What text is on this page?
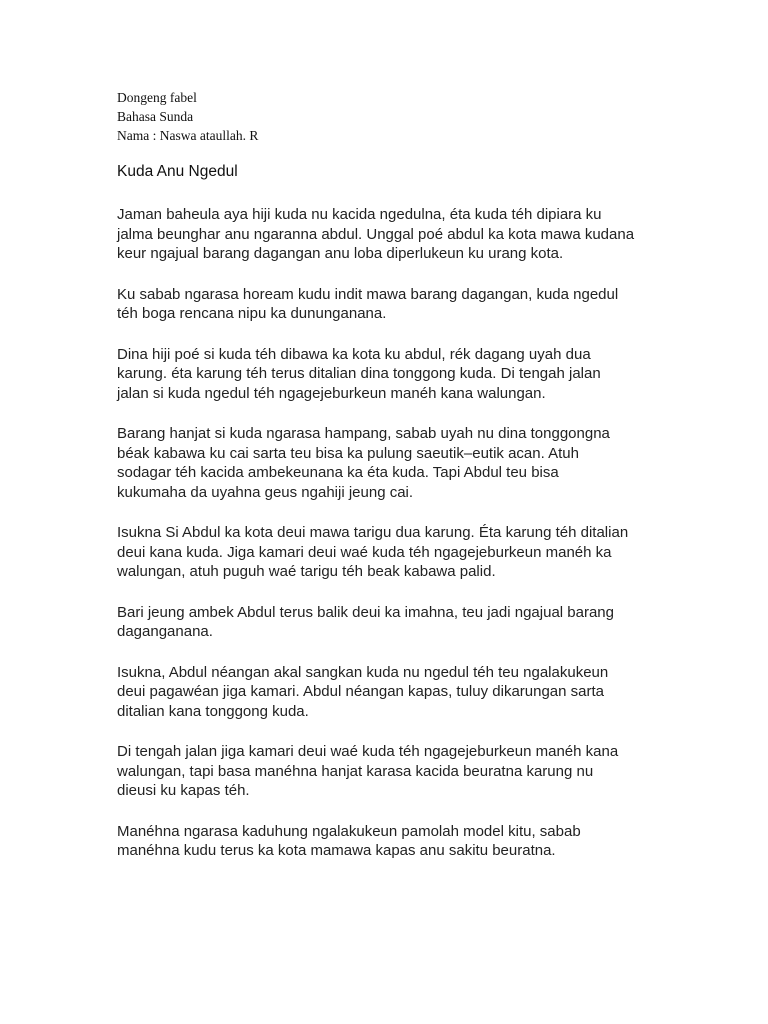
Dongeng fabel
Bahasa Sunda
Nama : Naswa ataullah. R
Kuda Anu Ngedul

Jaman baheula aya hiji kuda nu kacida ngedulna, éta kuda téh dipiara ku
jalma beunghar anu ngaranna abdul. Unggal poé abdul ka kota mawa kudana
keur ngajual barang dagangan anu loba diperlukeun ku urang kota.

Ku sabab ngarasa hoream kudu indit mawa barang dagangan, kuda ngedul
téh boga rencana nipu ka dununganana.

Dina hiji poé si kuda téh dibawa ka kota ku abdul, rék dagang uyah dua
karung. éta karung téh terus ditalian dina tonggong kuda. Di tengah jalan
jalan si kuda ngedul téh ngagejeburkeun manéh kana walungan.

Barang hanjat si kuda ngarasa hampang, sabab uyah nu dina tonggongna
béak kabawa ku cai sarta teu bisa ka pulung saeutik–eutik acan. Atuh
sodagar téh kacida ambekeunana ka éta kuda. Tapi Abdul teu bisa
kukumaha da uyahna geus ngahiji jeung cai.

Isukna Si Abdul ka kota deui mawa tarigu dua karung. Éta karung téh ditalian
deui kana kuda. Jiga kamari deui waé kuda téh ngagejeburkeun manéh ka
walungan, atuh puguh waé tarigu téh beak kabawa palid.

Bari jeung ambek Abdul terus balik deui ka imahna, teu jadi ngajual barang
daganganana.

Isukna, Abdul néangan akal sangkan kuda nu ngedul téh teu ngalakukeun
deui pagawéan jiga kamari. Abdul néangan kapas, tuluy dikarungan sarta
ditalian kana tonggong kuda.

Di tengah jalan jiga kamari deui waé kuda téh ngagejeburkeun manéh kana
walungan, tapi basa manéhna hanjat karasa kacida beuratna karung nu
dieusi ku kapas téh.

Manéhna ngarasa kaduhung ngalakukeun pamolah model kitu, sabab
manéhna kudu terus ka kota mamawa kapas anu sakitu beuratna.
